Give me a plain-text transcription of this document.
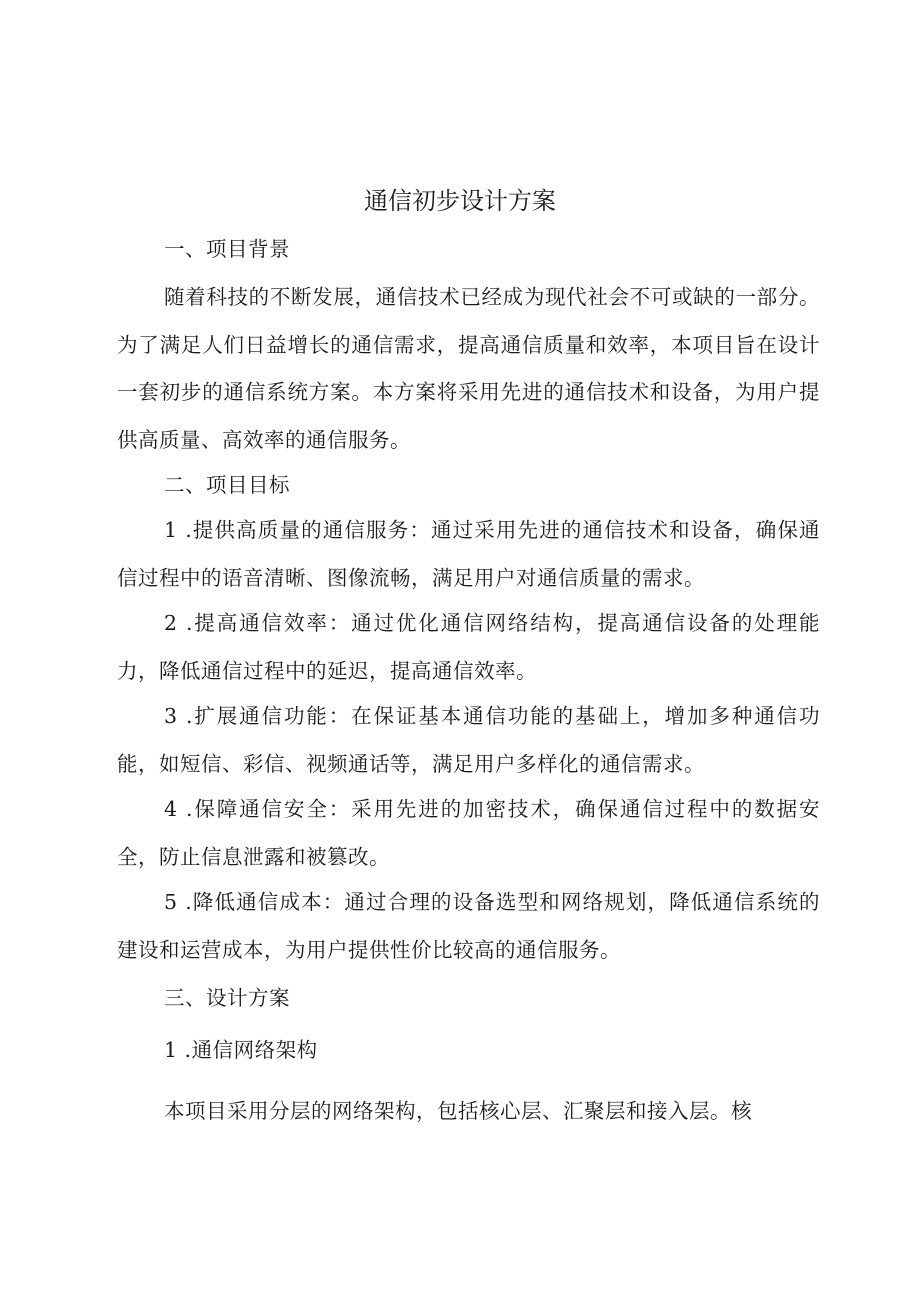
通信初步设计方案

一、项目背景

随着科技的不断发展，通信技术已经成为现代社会不可或缺的一部分。为了满足人们日益增长的通信需求，提高通信质量和效率，本项目旨在设计一套初步的通信系统方案。本方案将采用先进的通信技术和设备，为用户提供高质量、高效率的通信服务。

二、项目目标

1 .提供高质量的通信服务：通过采用先进的通信技术和设备，确保通信过程中的语音清晰、图像流畅，满足用户对通信质量的需求。

2 .提高通信效率：通过优化通信网络结构，提高通信设备的处理能力，降低通信过程中的延迟，提高通信效率。

3 .扩展通信功能：在保证基本通信功能的基础上，增加多种通信功能，如短信、彩信、视频通话等，满足用户多样化的通信需求。

4 .保障通信安全：采用先进的加密技术，确保通信过程中的数据安全，防止信息泄露和被篡改。

5 .降低通信成本：通过合理的设备选型和网络规划，降低通信系统的建设和运营成本，为用户提供性价比较高的通信服务。

三、设计方案

1 .通信网络架构

本项目采用分层的网络架构，包括核心层、汇聚层和接入层。核
